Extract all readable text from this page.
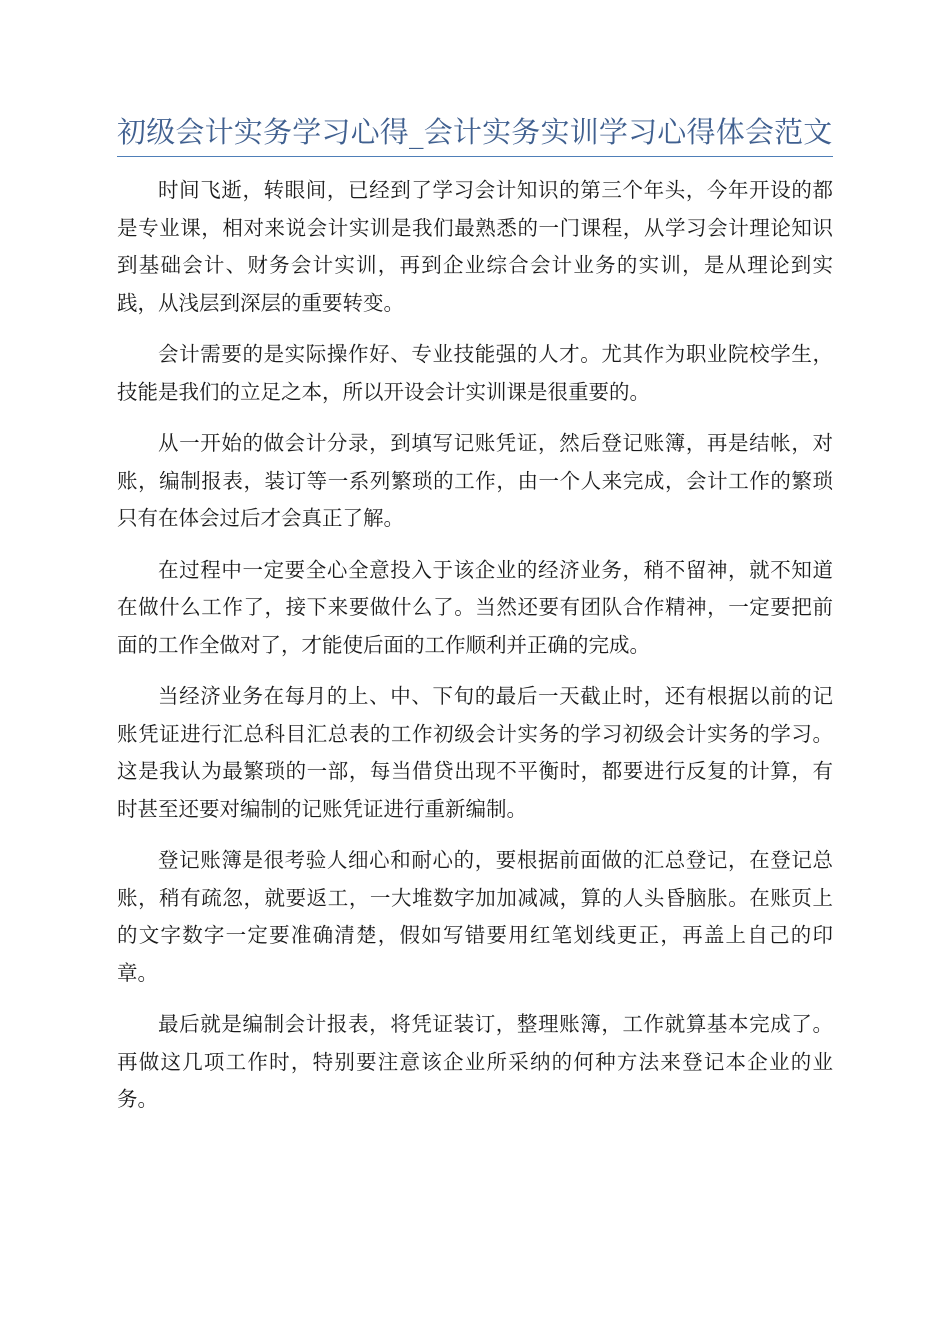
初级会计实务学习心得_会计实务实训学习心得体会范文

时间飞逝，转眼间，已经到了学习会计知识的第三个年头，今年开设的都是专业课，相对来说会计实训是我们最熟悉的一门课程，从学习会计理论知识到基础会计、财务会计实训，再到企业综合会计业务的实训，是从理论到实践，从浅层到深层的重要转变。

会计需要的是实际操作好、专业技能强的人才。尤其作为职业院校学生，技能是我们的立足之本，所以开设会计实训课是很重要的。

从一开始的做会计分录，到填写记账凭证，然后登记账簿，再是结帐，对账，编制报表，装订等一系列繁琐的工作，由一个人来完成，会计工作的繁琐只有在体会过后才会真正了解。

在过程中一定要全心全意投入于该企业的经济业务，稍不留神，就不知道在做什么工作了，接下来要做什么了。当然还要有团队合作精神，一定要把前面的工作全做对了，才能使后面的工作顺利并正确的完成。

当经济业务在每月的上、中、下旬的最后一天截止时，还有根据以前的记账凭证进行汇总科目汇总表的工作初级会计实务的学习初级会计实务的学习。这是我认为最繁琐的一部，每当借贷出现不平衡时，都要进行反复的计算，有时甚至还要对编制的记账凭证进行重新编制。

登记账簿是很考验人细心和耐心的，要根据前面做的汇总登记，在登记总账，稍有疏忽，就要返工，一大堆数字加加减减，算的人头昏脑胀。在账页上的文字数字一定要准确清楚，假如写错要用红笔划线更正，再盖上自己的印章。

最后就是编制会计报表，将凭证装订，整理账簿，工作就算基本完成了。再做这几项工作时，特别要注意该企业所采纳的何种方法来登记本企业的业务。
